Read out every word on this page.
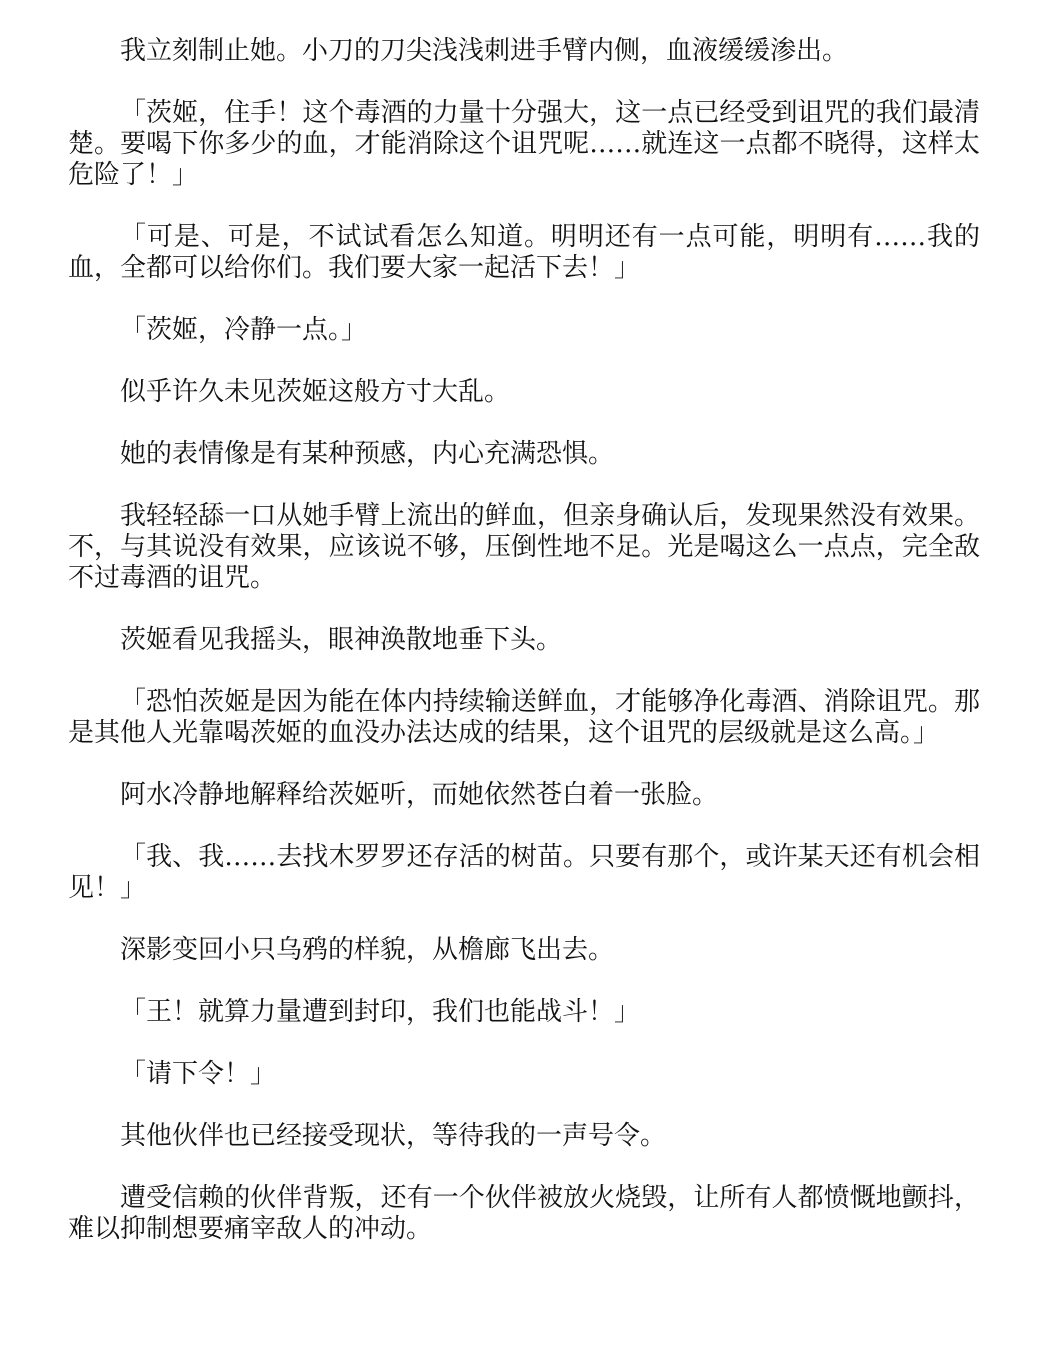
我立刻制止她。小刀的刀尖浅浅刺进手臂内侧，血液缓缓渗出。

「茨姬，住手！这个毒酒的力量十分强大，这一点已经受到诅咒的我们最清楚。要喝下你多少的血，才能消除这个诅咒呢……就连这一点都不晓得，这样太危险了！」

「可是、可是，不试试看怎么知道。明明还有一点可能，明明有……我的血，全都可以给你们。我们要大家一起活下去！」

「茨姬，冷静一点。」

似乎许久未见茨姬这般方寸大乱。

她的表情像是有某种预感，内心充满恐惧。

我轻轻舔一口从她手臂上流出的鲜血，但亲身确认后，发现果然没有效果。不，与其说没有效果，应该说不够，压倒性地不足。光是喝这么一点点，完全敌不过毒酒的诅咒。

茨姬看见我摇头，眼神涣散地垂下头。

「恐怕茨姬是因为能在体内持续输送鲜血，才能够净化毒酒、消除诅咒。那是其他人光靠喝茨姬的血没办法达成的结果，这个诅咒的层级就是这么高。」

阿水冷静地解释给茨姬听，而她依然苍白着一张脸。

「我、我……去找木罗罗还存活的树苗。只要有那个，或许某天还有机会相见！」

深影变回小只乌鸦的样貌，从檐廊飞出去。

「王！就算力量遭到封印，我们也能战斗！」

「请下令！」

其他伙伴也已经接受现状，等待我的一声号令。

遭受信赖的伙伴背叛，还有一个伙伴被放火烧毁，让所有人都愤慨地颤抖，难以抑制想要痛宰敌人的冲动。
